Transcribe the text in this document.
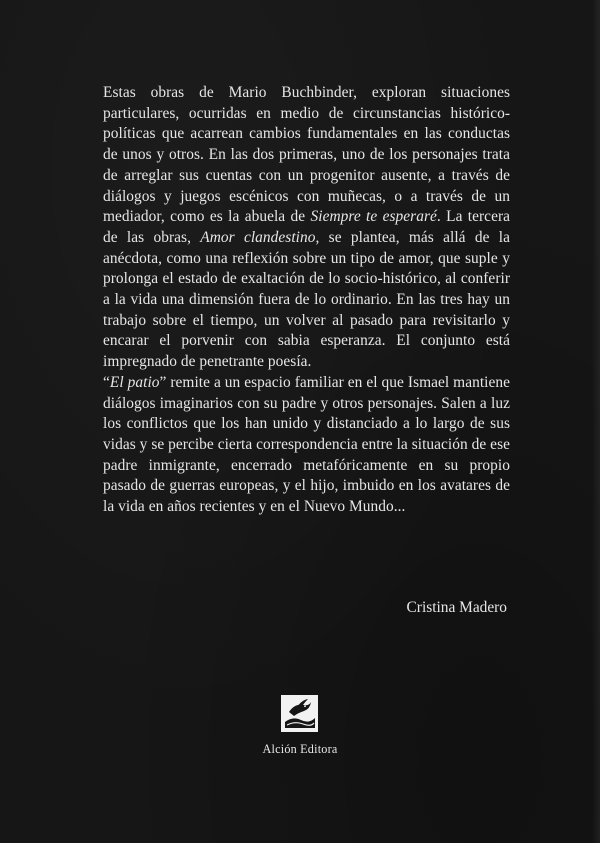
Estas obras de Mario Buchbinder, exploran situaciones particulares, ocurridas en medio de circunstancias histórico-políticas que acarrean cambios fundamentales en las conductas de unos y otros. En las dos primeras, uno de los personajes trata de arreglar sus cuentas con un progenitor ausente, a través de diálogos y juegos escénicos con muñecas, o a través de un mediador, como es la abuela de Siempre te esperaré. La tercera de las obras, Amor clandestino, se plantea, más allá de la anécdota, como una reflexión sobre un tipo de amor, que suple y prolonga el estado de exaltación de lo socio-histórico, al conferir a la vida una dimensión fuera de lo ordinario. En las tres hay un trabajo sobre el tiempo, un volver al pasado para revisitarlo y encarar el porvenir con sabia esperanza. El conjunto está impregnado de penetrante poesía.

“El patio” remite a un espacio familiar en el que Ismael mantiene diálogos imaginarios con su padre y otros personajes. Salen a luz los conflictos que los han unido y distanciado a lo largo de sus vidas y se percibe cierta correspondencia entre la situación de ese padre inmigrante, encerrado metafóricamente en su propio pasado de guerras europeas, y el hijo, imbuido en los avatares de la vida en años recientes y en el Nuevo Mundo...

Cristina Madero
Alción Editora
